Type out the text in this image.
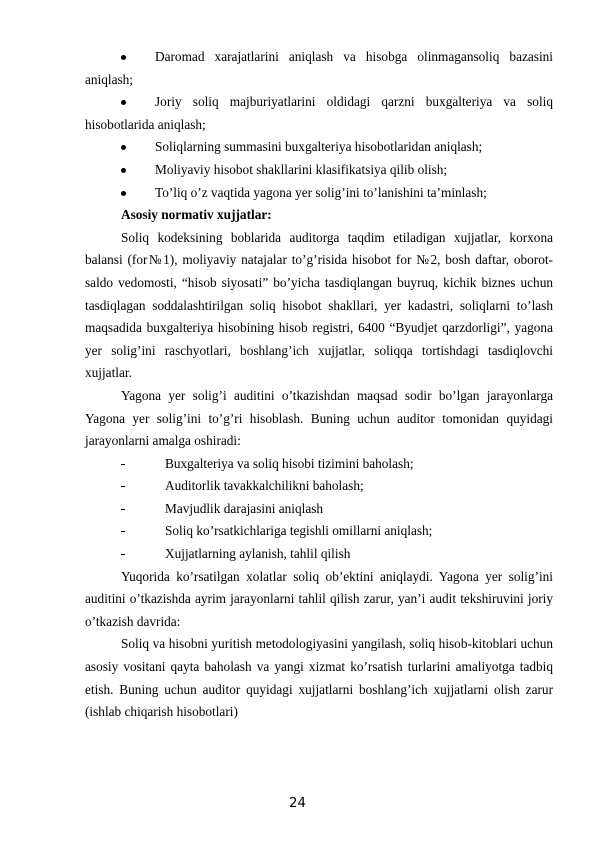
Daromad xarajatlarini aniqlash va hisobga olinmagansoliq bazasini aniqlash;
Joriy soliq majburiyatlarini oldidagi qarzni buxgalteriya va soliq hisobotlarida aniqlash;
Soliqlarning summasini buxgalteriya hisobotlaridan aniqlash;
Moliyaviy hisobot shakllarini klasifikatsiya qilib olish;
To’liq o’z vaqtida yagona yer solig’ini to’lanishini ta’minlash;

Asosiy normativ xujjatlar:

Soliq kodeksining boblarida auditorga taqdim etiladigan xujjatlar, korxona balansi (for№1), moliyaviy natajalar to’g’risida hisobot for №2, bosh daftar, oborot-saldo vedomosti, “hisob siyosati” bo’yicha tasdiqlangan buyruq, kichik biznes uchun tasdiqlagan soddalashtirilgan soliq hisobot shakllari, yer kadastri, soliqlarni to’lash maqsadida buxgalteriya hisobining hisob registri, 6400 “Byudjet qarzdorligi”, yagona yer solig’ini raschyotlari, boshlang’ich xujjatlar, soliqqa tortishdagi tasdiqlovchi xujjatlar.

Yagona yer solig’i auditini o’tkazishdan maqsad sodir bo’lgan jarayonlarga Yagona yer solig’ini to’g’ri hisoblash. Buning uchun auditor tomonidan quyidagi jarayonlarni amalga oshiradi:

Buxgalteriya va soliq hisobi tizimini baholash;
Auditorlik tavakkalchilikni baholash;
Mavjudlik darajasini aniqlash
Soliq ko’rsatkichlariga tegishli omillarni aniqlash;
Xujjatlarning aylanish, tahlil qilish

Yuqorida ko’rsatilgan xolatlar soliq ob’ektini aniqlaydi. Yagona yer solig’ini auditini o’tkazishda ayrim jarayonlarni tahlil qilish zarur, yan’i audit tekshiruvini joriy o’tkazish davrida:

Soliq va hisobni yuritish metodologiyasini yangilash, soliq hisob-kitoblari uchun asosiy vositani qayta baholash va yangi xizmat ko’rsatish turlarini amaliyotga tadbiq etish. Buning uchun auditor quyidagi xujjatlarni boshlang’ich xujjatlarni olish zarur (ishlab chiqarish hisobotlari)

24
